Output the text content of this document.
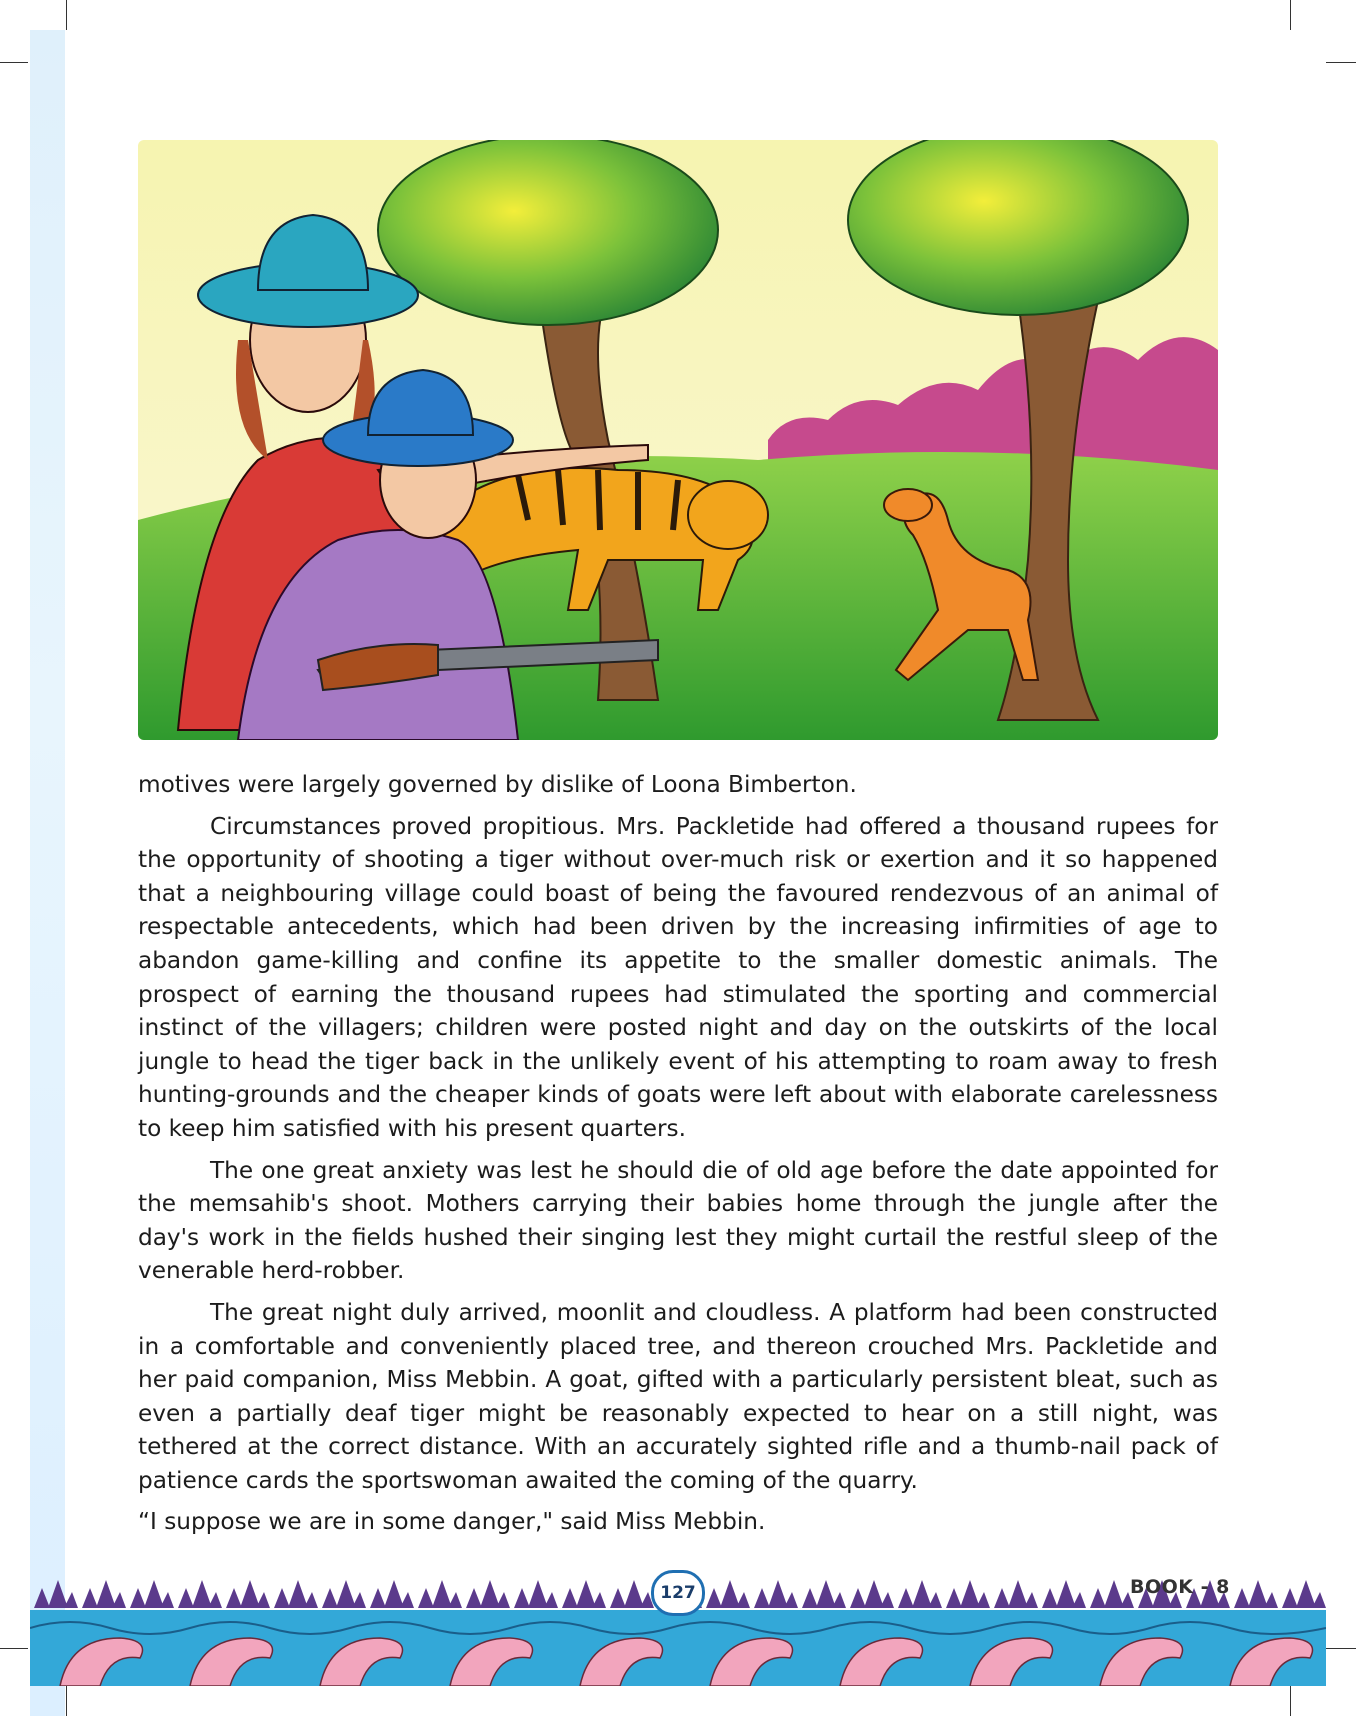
motives were largely governed by dislike of Loona Bimberton.

Circumstances proved propitious. Mrs. Packletide had offered a thousand rupees for the opportunity of shooting a tiger without over-much risk or exertion and it so happened that a neighbouring village could boast of being the favoured rendezvous of an animal of respectable antecedents, which had been driven by the increasing infirmities of age to abandon game-killing and confine its appetite to the smaller domestic animals. The prospect of earning the thousand rupees had stimulated the sporting and commercial instinct of the villagers; children were posted night and day on the outskirts of the local jungle to head the tiger back in the unlikely event of his attempting to roam away to fresh hunting-grounds and the cheaper kinds of goats were left about with elaborate carelessness to keep him satisfied with his present quarters.

The one great anxiety was lest he should die of old age before the date appointed for the memsahib's shoot. Mothers carrying their babies home through the jungle after the day's work in the fields hushed their singing lest they might curtail the restful sleep of the venerable herd-robber.

The great night duly arrived, moonlit and cloudless. A platform had been constructed in a comfortable and conveniently placed tree, and thereon crouched Mrs. Packletide and her paid companion, Miss Mebbin. A goat, gifted with a particularly persistent bleat, such as even a partially deaf tiger might be reasonably expected to hear on a still night, was tethered at the correct distance. With an accurately sighted rifle and a thumb-nail pack of patience cards the sportswoman awaited the coming of the quarry.

“I suppose we are in some danger," said Miss Mebbin.

127	BOOK - 8
